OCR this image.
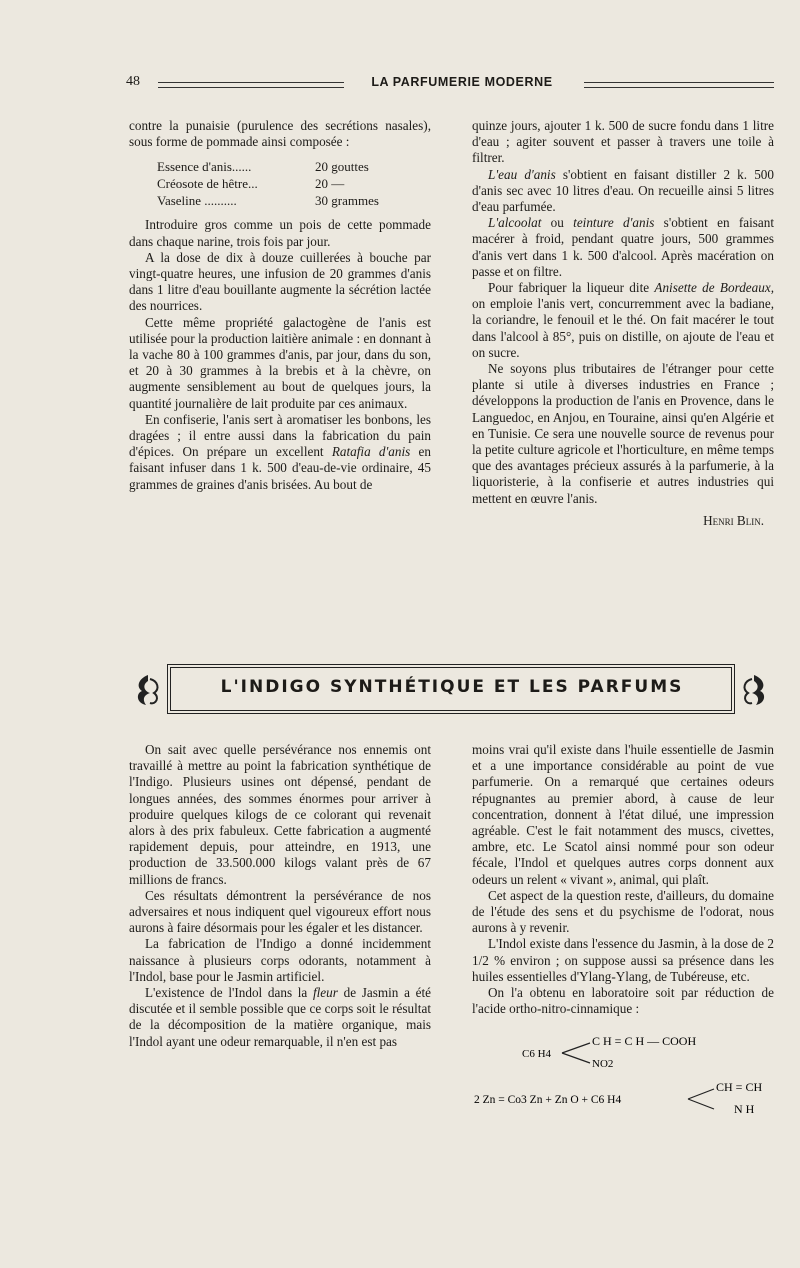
48	LA PARFUMERIE MODERNE

contre la punaisie (purulence des secrétions nasales), sous forme de pommade ainsi composée :

Essence d'anis......	20 gouttes
Créosote de hêtre...	20 —
Vaseline ..........	30 grammes

Introduire gros comme un pois de cette pommade dans chaque narine, trois fois par jour.

A la dose de dix à douze cuillerées à bouche par vingt-quatre heures, une infusion de 20 grammes d'anis dans 1 litre d'eau bouillante augmente la sécrétion lactée des nourrices.

Cette même propriété galactogène de l'anis est utilisée pour la production laitière animale : en donnant à la vache 80 à 100 grammes d'anis, par jour, dans du son, et 20 à 30 grammes à la brebis et à la chèvre, on augmente sensiblement au bout de quelques jours, la quantité journalière de lait produite par ces animaux.

En confiserie, l'anis sert à aromatiser les bonbons, les dragées ; il entre aussi dans la fabrication du pain d'épices. On prépare un excellent Ratafia d'anis en faisant infuser dans 1 k. 500 d'eau-de-vie ordinaire, 45 grammes de graines d'anis brisées. Au bout de

quinze jours, ajouter 1 k. 500 de sucre fondu dans 1 litre d'eau ; agiter souvent et passer à travers une toile à filtrer.

L'eau d'anis s'obtient en faisant distiller 2 k. 500 d'anis sec avec 10 litres d'eau. On recueille ainsi 5 litres d'eau parfumée.

L'alcoolat ou teinture d'anis s'obtient en faisant macérer à froid, pendant quatre jours, 500 grammes d'anis vert dans 1 k. 500 d'alcool. Après macération on passe et on filtre.

Pour fabriquer la liqueur dite Anisette de Bordeaux, on emploie l'anis vert, concurremment avec la badiane, la coriandre, le fenouil et le thé. On fait macérer le tout dans l'alcool à 85°, puis on distille, on ajoute de l'eau et on sucre.

Ne soyons plus tributaires de l'étranger pour cette plante si utile à diverses industries en France ; développons la production de l'anis en Provence, dans le Languedoc, en Anjou, en Touraine, ainsi qu'en Algérie et en Tunisie. Ce sera une nouvelle source de revenus pour la petite culture agricole et l'horticulture, en même temps que des avantages précieux assurés à la parfumerie, à la liquoristerie, à la confiserie et autres industries qui mettent en œuvre l'anis.

Henri Blin.
L'INDIGO SYNTHÉTIQUE ET LES PARFUMS

On sait avec quelle persévérance nos ennemis ont travaillé à mettre au point la fabrication synthétique de l'Indigo. Plusieurs usines ont dépensé, pendant de longues années, des sommes énormes pour arriver à produire quelques kilogs de ce colorant qui revenait alors à des prix fabuleux. Cette fabrication a augmenté rapidement depuis, pour atteindre, en 1913, une production de 33.500.000 kilogs valant près de 67 millions de francs.

Ces résultats démontrent la persévérance de nos adversaires et nous indiquent quel vigoureux effort nous aurons à faire désormais pour les égaler et les distancer.

La fabrication de l'Indigo a donné incidemment naissance à plusieurs corps odorants, notamment à l'Indol, base pour le Jasmin artificiel.

L'existence de l'Indol dans la fleur de Jasmin a été discutée et il semble possible que ce corps soit le résultat de la décomposition de la matière organique, mais l'Indol ayant une odeur remarquable, il n'en est pas

moins vrai qu'il existe dans l'huile essentielle de Jasmin et a une importance considérable au point de vue parfumerie. On a remarqué que certaines odeurs répugnantes au premier abord, à cause de leur concentration, donnent à l'état dilué, une impression agréable. C'est le fait notamment des muscs, civettes, ambre, etc. Le Scatol ainsi nommé pour son odeur fécale, l'Indol et quelques autres corps donnent aux odeurs un relent « vivant », animal, qui plaît.

Cet aspect de la question reste, d'ailleurs, du domaine de l'étude des sens et du psychisme de l'odorat, nous aurons à y revenir.

L'Indol existe dans l'essence du Jasmin, à la dose de 2 1/2 % environ ; on suppose aussi sa présence dans les huiles essentielles d'Ylang-Ylang, de Tubéreuse, etc.

On l'a obtenu en laboratoire soit par réduction de l'acide ortho-nitro-cinnamique :

C6 H4
C H = C H — COOH
NO2
2 Zn = Co3 Zn + Zn O + C6 H4
CH = CH
N H
